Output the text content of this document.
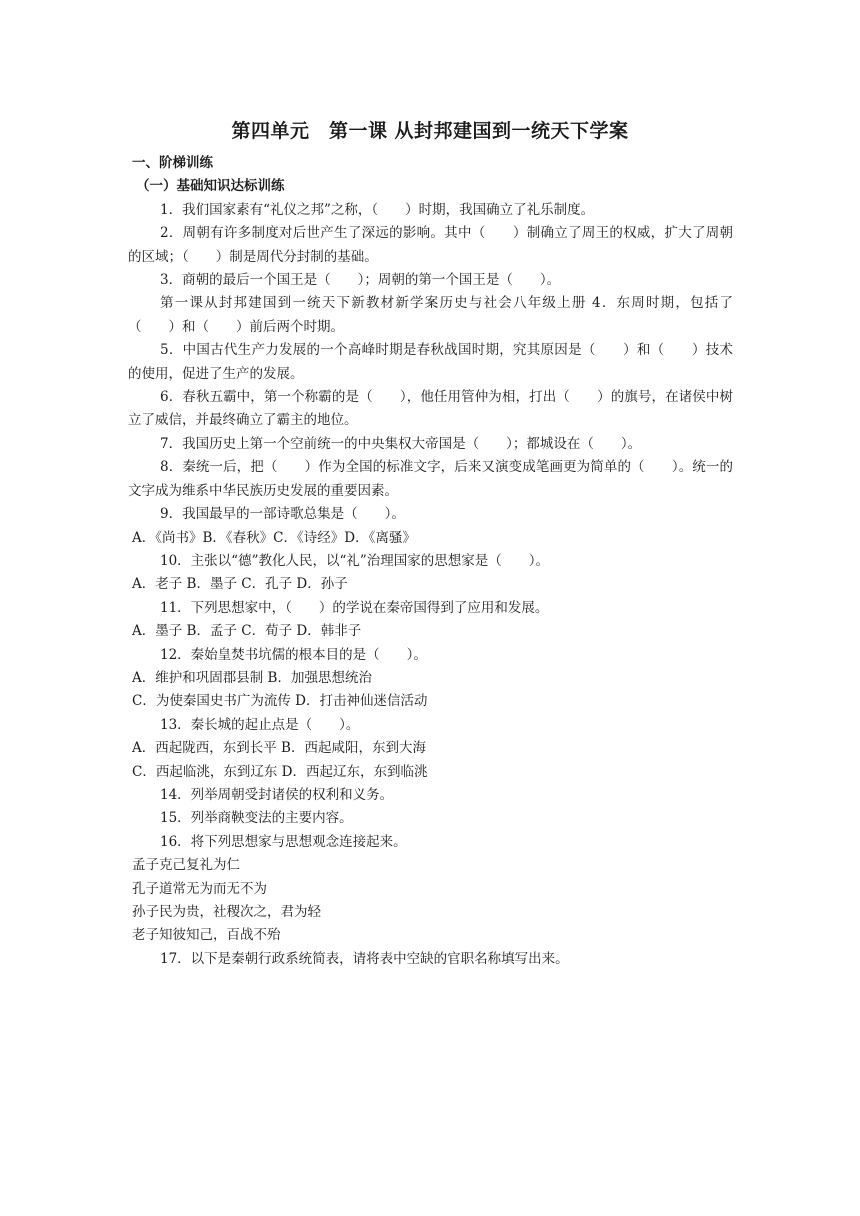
第四单元　第一课 从封邦建国到一统天下学案
一、阶梯训练
（一）基础知识达标训练
1．我们国家素有“礼仪之邦”之称，（　　）时期，我国确立了礼乐制度。
2．周朝有许多制度对后世产生了深远的影响。其中（　　）制确立了周王的权威，扩大了周朝的区域；（　　）制是周代分封制的基础。
3．商朝的最后一个国王是（　　）；周朝的第一个国王是（　　）。
第一课从封邦建国到一统天下新教材新学案历史与社会八年级上册 4．东周时期，包括了（　　）和（　　）前后两个时期。
5．中国古代生产力发展的一个高峰时期是春秋战国时期，究其原因是（　　）和（　　）技术的使用，促进了生产的发展。
6．春秋五霸中，第一个称霸的是（　　），他任用管仲为相，打出（　　）的旗号，在诸侯中树立了威信，并最终确立了霸主的地位。
7．我国历史上第一个空前统一的中央集权大帝国是（　　）；都城设在（　　）。
8．秦统一后，把（　　）作为全国的标准文字，后来又演变成笔画更为简单的（　　）。统一的文字成为维系中华民族历史发展的重要因素。
9．我国最早的一部诗歌总集是（　　）。
A．《尚书》B．《春秋》C．《诗经》D．《离骚》
10．主张以“德”教化人民，以“礼”治理国家的思想家是（　　）。
A．老子 B．墨子 C．孔子 D．孙子
11．下列思想家中，（　　）的学说在秦帝国得到了应用和发展。
A．墨子 B．孟子 C．荀子 D．韩非子
12．秦始皇焚书坑儒的根本目的是（　　）。
A．维护和巩固郡县制 B．加强思想统治
C．为使秦国史书广为流传 D．打击神仙迷信活动
13．秦长城的起止点是（　　）。
A．西起陇西，东到长平 B．西起咸阳，东到大海
C．西起临洮，东到辽东 D．西起辽东，东到临洮
14．列举周朝受封诸侯的权利和义务。
15．列举商鞅变法的主要内容。
16．将下列思想家与思想观念连接起来。
孟子克己复礼为仁
孔子道常无为而无不为
孙子民为贵，社稷次之，君为轻
老子知彼知己，百战不殆
17．以下是秦朝行政系统简表，请将表中空缺的官职名称填写出来。
